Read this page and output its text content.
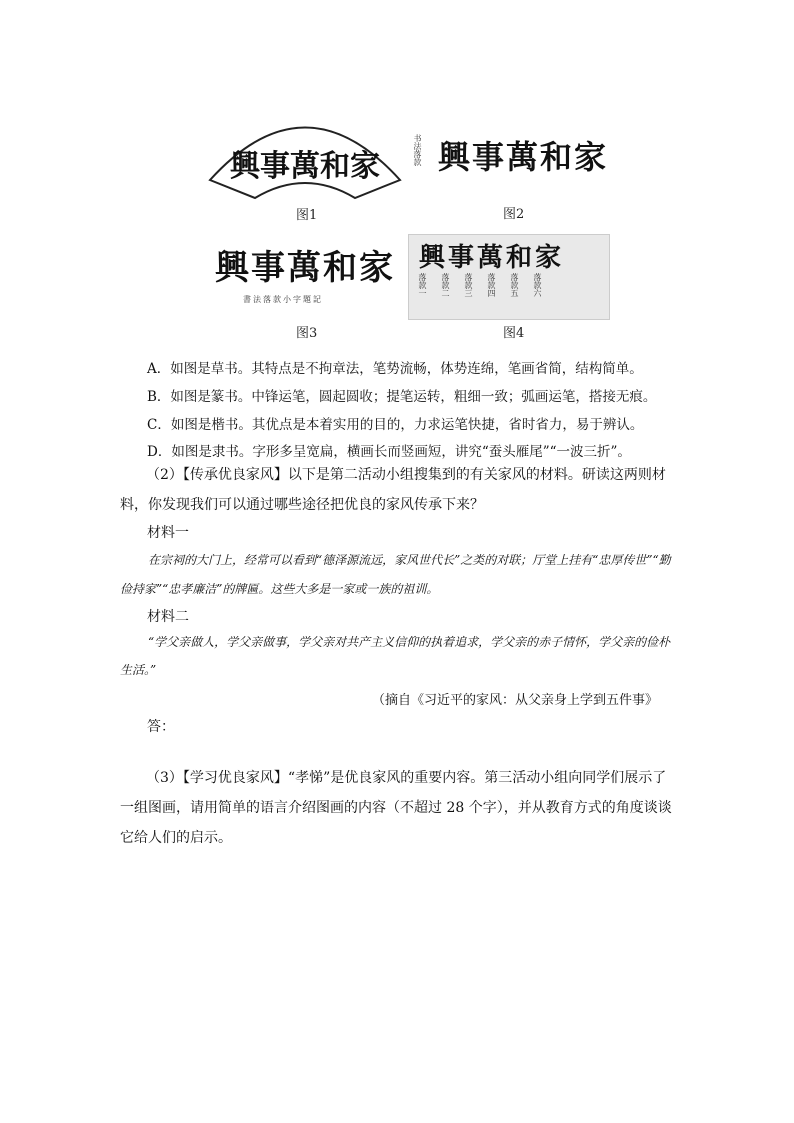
興事萬和家
图1
书法落款 興事萬和家
图2
興事萬和家
書法落款小字題記
图3
興事萬和家
落款一 落款二 落款三 落款四 落款五 落款六
图4
A．如图是草书。其特点是不拘章法，笔势流畅，体势连绵，笔画省简，结构简单。
B．如图是篆书。中锋运笔，圆起圆收；提笔运转，粗细一致；弧画运笔，搭接无痕。
C．如图是楷书。其优点是本着实用的目的，力求运笔快捷，省时省力，易于辨认。
D．如图是隶书。字形多呈宽扁，横画长而竖画短，讲究“蚕头雁尾”“一波三折”。
（2）【传承优良家风】以下是第二活动小组搜集到的有关家风的材料。研读这两则材料，你发现我们可以通过哪些途径把优良的家风传承下来？
材料一
在宗祠的大门上，经常可以看到“德泽源流远，家风世代长”之类的对联；厅堂上挂有“忠厚传世”“勤俭持家”“忠孝廉洁”的牌匾。这些大多是一家或一族的祖训。
材料二
“学父亲做人，学父亲做事，学父亲对共产主义信仰的执着追求，学父亲的赤子情怀，学父亲的俭朴生活。”
（摘自《习近平的家风：从父亲身上学到五件事》
答：
（3）【学习优良家风】“孝悌”是优良家风的重要内容。第三活动小组向同学们展示了一组图画，请用简单的语言介绍图画的内容（不超过 28 个字），并从教育方式的角度谈谈它给人们的启示。
